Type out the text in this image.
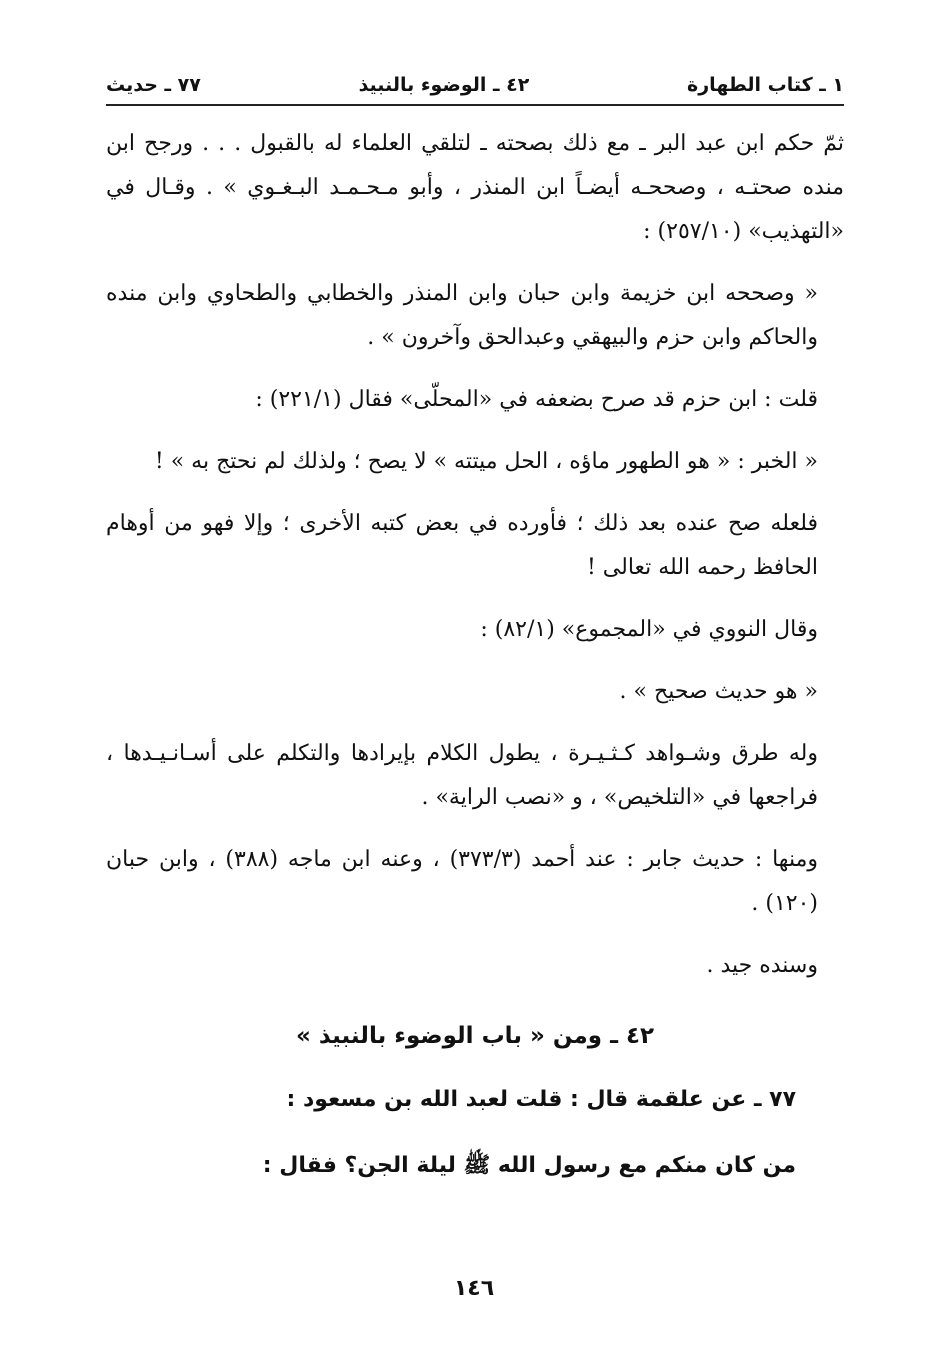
١ ـ كتاب الطهارة
٤٢ ـ الوضوء بالنبيذ
٧٧ ـ حديث

ثمّ حكم ابن عبد البر ـ مع ذلك بصحته ـ لتلقي العلماء له بالقبول . . . ورجح ابن منده صحتـه ، وصححـه أيضـاً ابن المنذر ، وأبو مـحـمـد البـغـوي » . وقـال في «التهذيب» (٢٥٧/١٠) :

« وصححه ابن خزيمة وابن حبان وابن المنذر والخطابي والطحاوي وابن منده والحاكم وابن حزم والبيهقي وعبدالحق وآخرون » .

قلت : ابن حزم قد صرح بضعفه في «المحلّى» فقال (٢٢١/١) :

« الخبر : « هو الطهور ماؤه ، الحل ميتته » لا يصح ؛ ولذلك لم نحتج به » !

فلعله صح عنده بعد ذلك ؛ فأورده في بعض كتبه الأخرى ؛ وإلا فهو من أوهام الحافظ رحمه الله تعالى !

وقال النووي في «المجموع» (٨٢/١) :

« هو حديث صحيح » .

وله طرق وشـواهد كـثـيـرة ، يطول الكلام بإيرادها والتكلم على أسـانـيـدها ، فراجعها في «التلخيص» ، و «نصب الراية» .

ومنها : حديث جابر : عند أحمد (٣٧٣/٣) ، وعنه ابن ماجه (٣٨٨) ، وابن حبان (١٢٠) .

وسنده جيد .

٤٢ ـ ومن « باب الوضوء بالنبيذ »

٧٧ ـ عن علقمة قال : قلت لعبد الله بن مسعود :

من كان منكم مع رسول الله ﷺ ليلة الجن؟ فقال :

١٤٦
